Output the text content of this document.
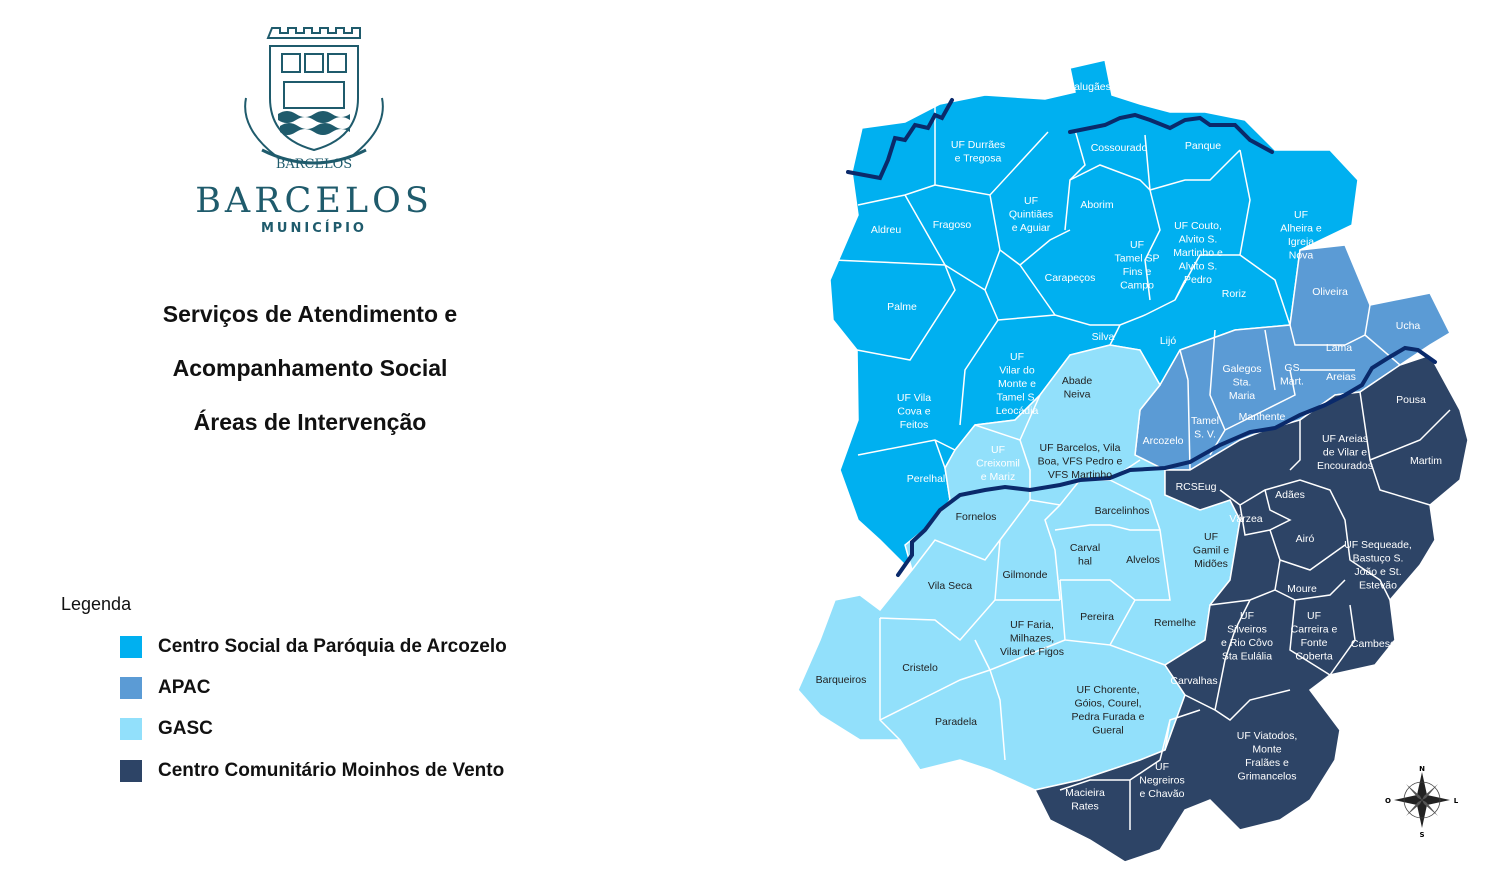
BARCELOS
BARCELOS
MUNICÍPIO
Serviços de Atendimento e
Acompanhamento Social
Áreas de Intervenção
Legenda
Centro Social da Paróquia de Arcozelo
APAC
GASC
Centro Comunitário Moinhos de Vento	N
S
L
O
Balugães
UF Durrães e Tregosa
Cossourado	Panque
UF Quintiães e Aguiar
Aborim
UF Couto, Alvito S. Martinho e Alvito S. Pedro
UF Alheira e Igreja Nova
Aldreu	Fragoso
UF Tamel SP Fins e Campo
Carapeços
Roriz
Palme
UF Vilar do Monte e Tamel S. Leocádia
Silva	Lijó
UF Vila Cova e Feitos
UF Creixomil e Mariz
Perelhal
Oliveira
Ucha
Galegos Sta. Maria
GS Mart.
Lama
Areias
Tamel S. V.
Manhente
Arcozelo
Abade Neiva
UF Barcelos, Vila Boa, VFS Pedro e VFS Martinho
Fornelos	Barcelinhos
UF Gamil e Midões
Vila Seca
Gilmonde
Carval hal	Alvelos
Pereira	Remelhe
UF Faria, Milhazes, Vilar de Figos
Barqueiros
Cristelo
Paradela
UF Chorente, Góios, Courel, Pedra Furada e Gueral
Pousa
UF Areias de Vilar e Encourados	Martim
RCSEug
Adães
Várzea
Airó	UF Sequeade, Bastuço S. João e St. Estevão
Moure
UF Silveiros e Rio Côvo Sta Eulália
UF Carreira e Fonte Coberta
Cambeses
Carvalhas
UF Viatodos, Monte Fralães e Grimancelos
UF Negreiros e Chavão
Macieira Rates
